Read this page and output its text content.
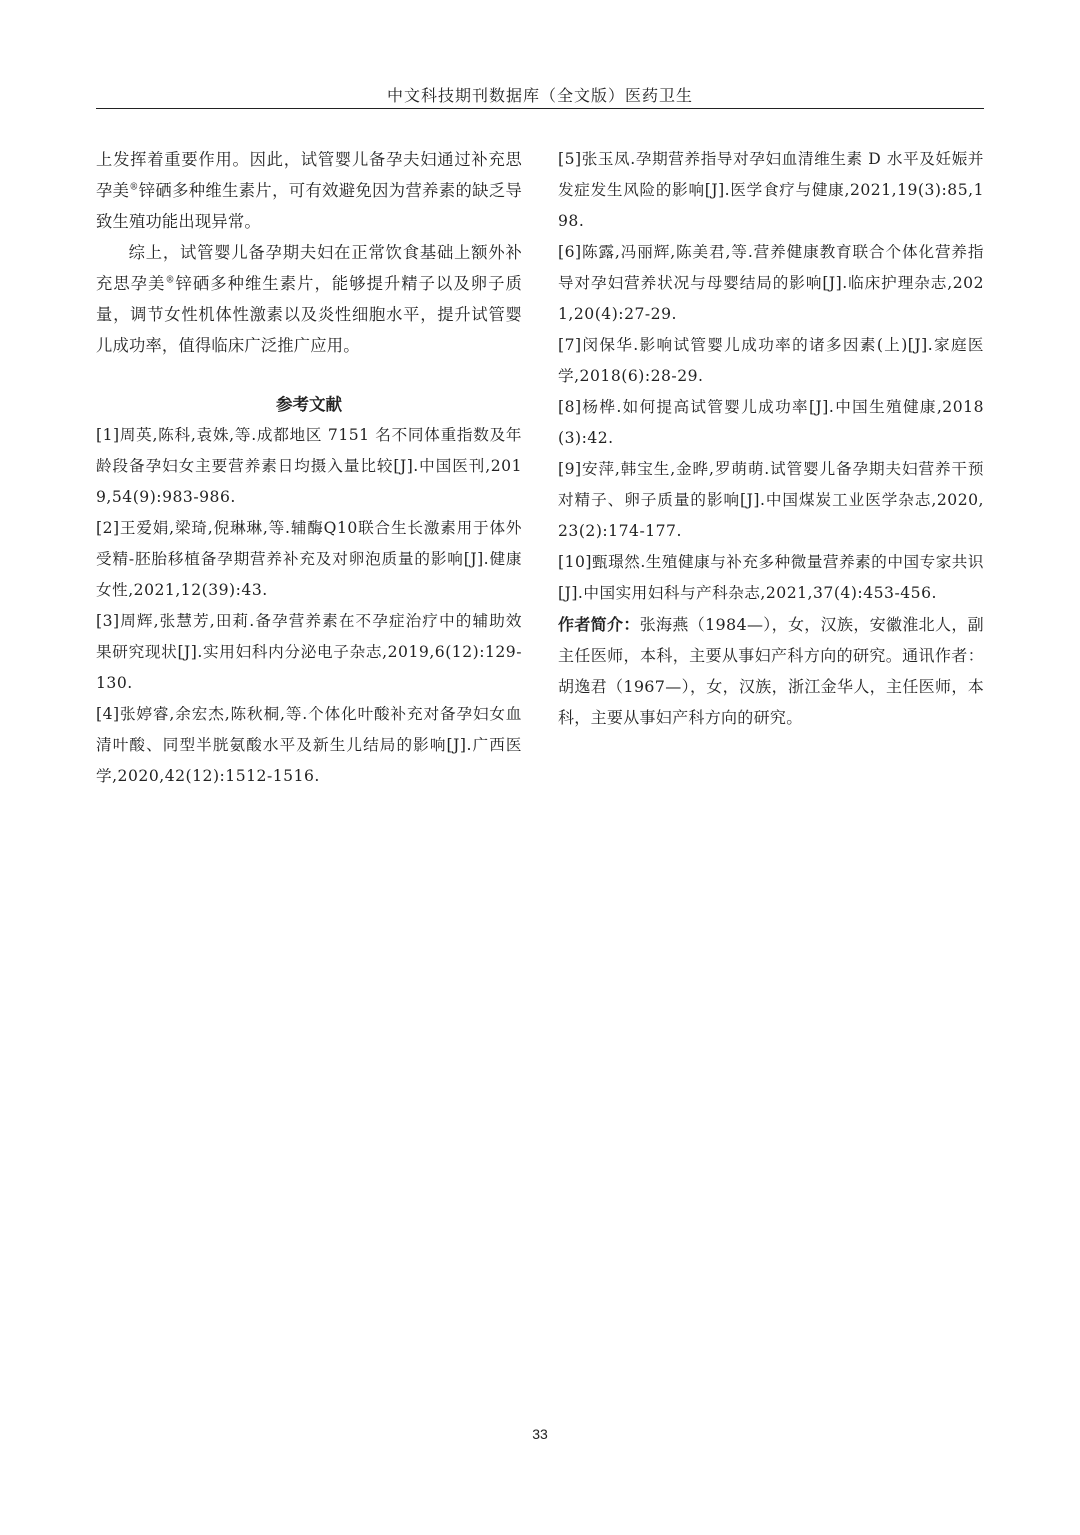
中文科技期刊数据库（全文版）医药卫生

上发挥着重要作用。因此，试管婴儿备孕夫妇通过补充思孕美®锌硒多种维生素片，可有效避免因为营养素的缺乏导致生殖功能出现异常。

综上，试管婴儿备孕期夫妇在正常饮食基础上额外补充思孕美®锌硒多种维生素片，能够提升精子以及卵子质量，调节女性机体性激素以及炎性细胞水平，提升试管婴儿成功率，值得临床广泛推广应用。

参考文献

[1]周英,陈科,袁姝,等.成都地区 7151 名不同体重指数及年龄段备孕妇女主要营养素日均摄入量比较[J].中国医刊,2019,54(9):983-986.

[2]王爱娟,梁琦,倪琳琳,等.辅酶Q10联合生长激素用于体外受精-胚胎移植备孕期营养补充及对卵泡质量的影响[J].健康女性,2021,12(39):43.

[3]周辉,张慧芳,田莉.备孕营养素在不孕症治疗中的辅助效果研究现状[J].实用妇科内分泌电子杂志,2019,6(12):129-130.

[4]张婷睿,余宏杰,陈秋桐,等.个体化叶酸补充对备孕妇女血清叶酸、同型半胱氨酸水平及新生儿结局的影响[J].广西医学,2020,42(12):1512-1516.

[5]张玉凤.孕期营养指导对孕妇血清维生素 D 水平及妊娠并发症发生风险的影响[J].医学食疗与健康,2021,19(3):85,198.

[6]陈露,冯丽辉,陈美君,等.营养健康教育联合个体化营养指导对孕妇营养状况与母婴结局的影响[J].临床护理杂志,2021,20(4):27-29.

[7]闵保华.影响试管婴儿成功率的诸多因素(上)[J].家庭医学,2018(6):28-29.

[8]杨桦.如何提高试管婴儿成功率[J].中国生殖健康,2018(3):42.

[9]安萍,韩宝生,金晔,罗萌萌.试管婴儿备孕期夫妇营养干预对精子、卵子质量的影响[J].中国煤炭工业医学杂志,2020,23(2):174-177.

[10]甄璟然.生殖健康与补充多种微量营养素的中国专家共识[J].中国实用妇科与产科杂志,2021,37(4):453-456.

作者简介：张海燕（1984—），女，汉族，安徽淮北人，副主任医师，本科，主要从事妇产科方向的研究。通讯作者：胡逸君（1967—），女，汉族，浙江金华人，主任医师，本科，主要从事妇产科方向的研究。

33
